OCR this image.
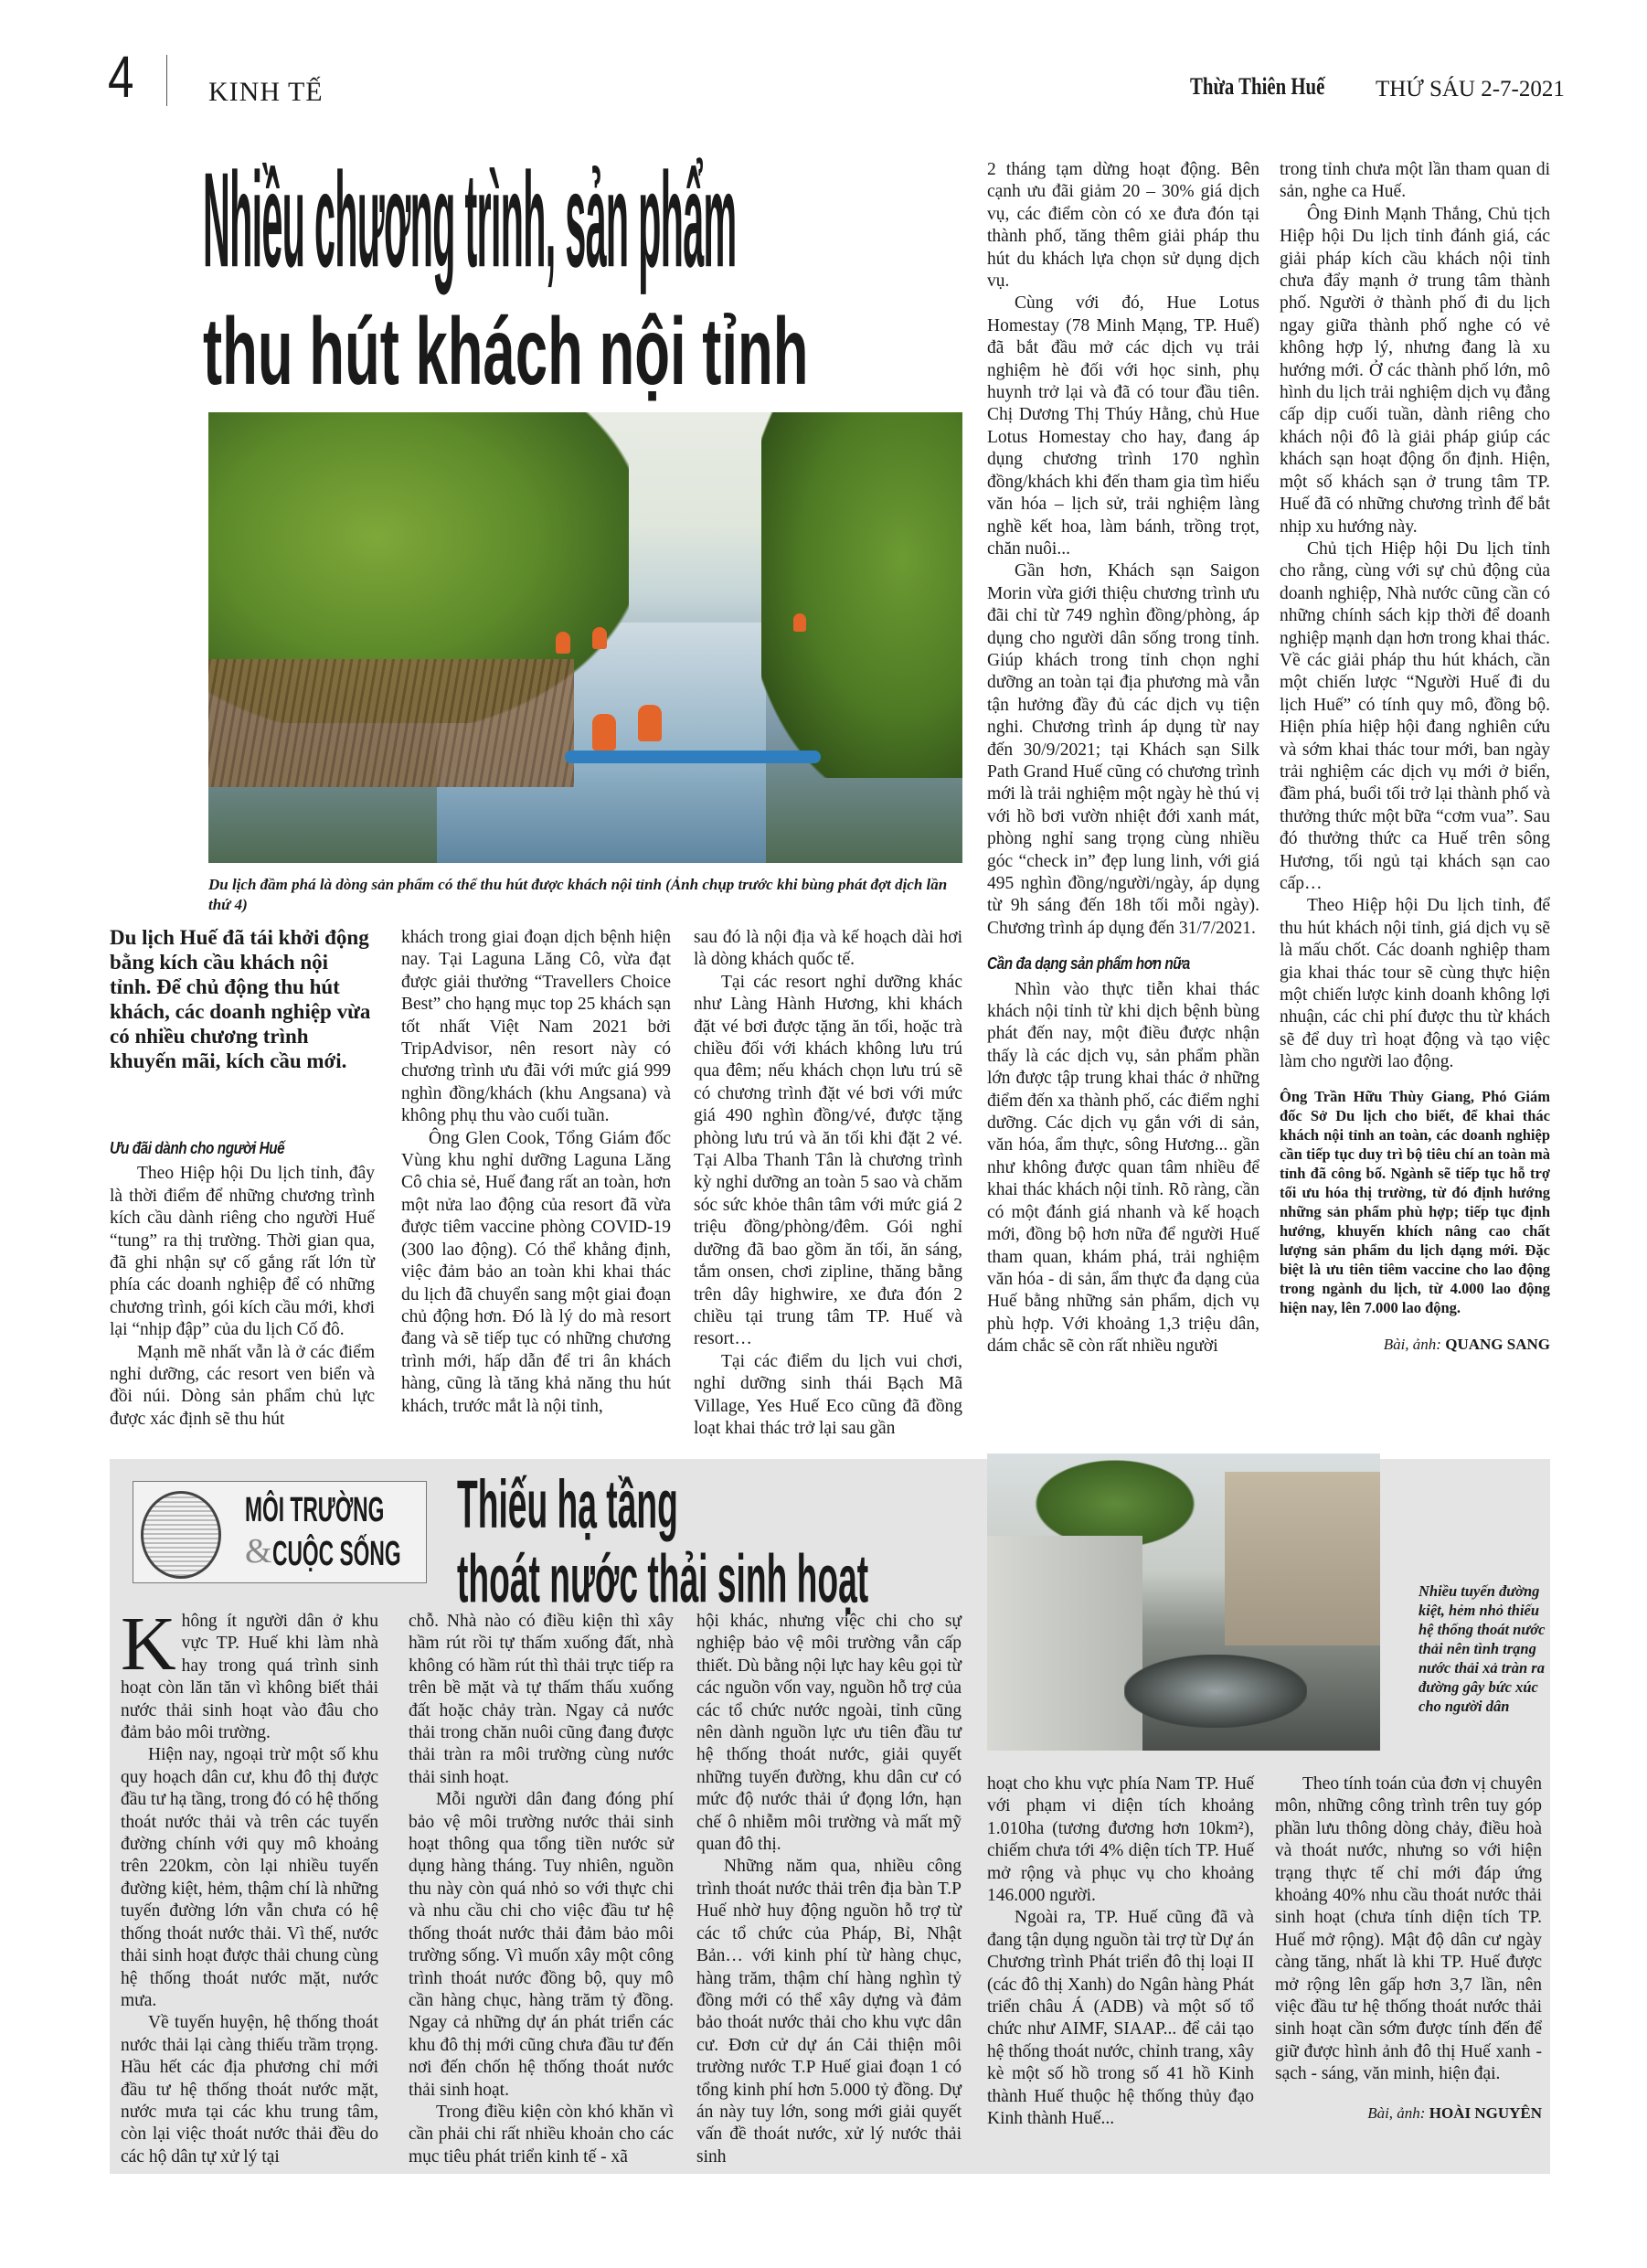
4	KINH TẾ	Thừa Thiên Huế THỨ SÁU 2-7-2021
Nhiều chương trình, sản phẩm
thu hút khách nội tỉnh
Du lịch đầm phá là dòng sản phẩm có thể thu hút được khách nội tỉnh (Ảnh chụp trước khi bùng phát đợt dịch lần thứ 4)
Du lịch Huế đã tái khởi động bằng kích cầu khách nội tỉnh. Để chủ động thu hút khách, các doanh nghiệp vừa có nhiều chương trình khuyến mãi, kích cầu mới.
Ưu đãi dành cho người Huế

Theo Hiệp hội Du lịch tỉnh, đây là thời điểm để những chương trình kích cầu dành riêng cho người Huế “tung” ra thị trường. Thời gian qua, đã ghi nhận sự cố gắng rất lớn từ phía các doanh nghiệp để có những chương trình, gói kích cầu mới, khơi lại “nhịp đập” của du lịch Cố đô.

Mạnh mẽ nhất vẫn là ở các điểm nghỉ dưỡng, các resort ven biển và đồi núi. Dòng sản phẩm chủ lực được xác định sẽ thu hút

khách trong giai đoạn dịch bệnh hiện nay. Tại Laguna Lăng Cô, vừa đạt được giải thưởng “Travellers Choice Best” cho hạng mục top 25 khách sạn tốt nhất Việt Nam 2021 bởi TripAdvisor, nên resort này có chương trình ưu đãi với mức giá 999 nghìn đồng/khách (khu Angsana) và không phụ thu vào cuối tuần.

Ông Glen Cook, Tổng Giám đốc Vùng khu nghỉ dưỡng Laguna Lăng Cô chia sẻ, Huế đang rất an toàn, hơn một nửa lao động của resort đã vừa được tiêm vaccine phòng COVID-19 (300 lao động). Có thể khẳng định, việc đảm bảo an toàn khi khai thác du lịch đã chuyển sang một giai đoạn chủ động hơn. Đó là lý do mà resort đang và sẽ tiếp tục có những chương trình mới, hấp dẫn để tri ân khách hàng, cũng là tăng khả năng thu hút khách, trước mắt là nội tỉnh,

sau đó là nội địa và kế hoạch dài hơi là dòng khách quốc tế.

Tại các resort nghỉ dưỡng khác như Làng Hành Hương, khi khách đặt vé bơi được tặng ăn tối, hoặc trà chiều đối với khách không lưu trú qua đêm; nếu khách chọn lưu trú sẽ có chương trình đặt vé bơi với mức giá 490 nghìn đồng/vé, được tặng phòng lưu trú và ăn tối khi đặt 2 vé. Tại Alba Thanh Tân là chương trình kỳ nghỉ dưỡng an toàn 5 sao và chăm sóc sức khỏe thân tâm với mức giá 2 triệu đồng/phòng/đêm. Gói nghỉ dưỡng đã bao gồm ăn tối, ăn sáng, tắm onsen, chơi zipline, thăng bằng trên dây highwire, xe đưa đón 2 chiều tại trung tâm TP. Huế và resort…

Tại các điểm du lịch vui chơi, nghỉ dưỡng sinh thái Bạch Mã Village, Yes Huế Eco cũng đã đồng loạt khai thác trở lại sau gần

2 tháng tạm dừng hoạt động. Bên cạnh ưu đãi giảm 20 – 30% giá dịch vụ, các điểm còn có xe đưa đón tại thành phố, tăng thêm giải pháp thu hút du khách lựa chọn sử dụng dịch vụ.

Cùng với đó, Hue Lotus Homestay (78 Minh Mạng, TP. Huế) đã bắt đầu mở các dịch vụ trải nghiệm hè đối với học sinh, phụ huynh trở lại và đã có tour đầu tiên. Chị Dương Thị Thúy Hằng, chủ Hue Lotus Homestay cho hay, đang áp dụng chương trình 170 nghìn đồng/khách khi đến tham gia tìm hiểu văn hóa – lịch sử, trải nghiệm làng nghề kết hoa, làm bánh, trồng trọt, chăn nuôi...

Gần hơn, Khách sạn Saigon Morin vừa giới thiệu chương trình ưu đãi chỉ từ 749 nghìn đồng/phòng, áp dụng cho người dân sống trong tỉnh. Giúp khách trong tỉnh chọn nghỉ dưỡng an toàn tại địa phương mà vẫn tận hưởng đầy đủ các dịch vụ tiện nghi. Chương trình áp dụng từ nay đến 30/9/2021; tại Khách sạn Silk Path Grand Huế cũng có chương trình mới là trải nghiệm một ngày hè thú vị với hồ bơi vườn nhiệt đới xanh mát, phòng nghỉ sang trọng cùng nhiều góc “check in” đẹp lung linh, với giá 495 nghìn đồng/người/ngày, áp dụng từ 9h sáng đến 18h tối mỗi ngày). Chương trình áp dụng đến 31/7/2021.

Cần đa dạng sản phẩm hơn nữa

Nhìn vào thực tiễn khai thác khách nội tỉnh từ khi dịch bệnh bùng phát đến nay, một điều được nhận thấy là các dịch vụ, sản phẩm phần lớn được tập trung khai thác ở những điểm đến xa thành phố, các điểm nghỉ dưỡng. Các dịch vụ gắn với di sản, văn hóa, ẩm thực, sông Hương... gần như không được quan tâm nhiều để khai thác khách nội tỉnh. Rõ ràng, cần có một đánh giá nhanh và kế hoạch mới, đồng bộ hơn nữa để người Huế tham quan, khám phá, trải nghiệm văn hóa - di sản, ẩm thực đa dạng của Huế bằng những sản phẩm, dịch vụ phù hợp. Với khoảng 1,3 triệu dân, dám chắc sẽ còn rất nhiều người

trong tỉnh chưa một lần tham quan di sản, nghe ca Huế.

Ông Đinh Mạnh Thắng, Chủ tịch Hiệp hội Du lịch tỉnh đánh giá, các giải pháp kích cầu khách nội tỉnh chưa đẩy mạnh ở trung tâm thành phố. Người ở thành phố đi du lịch ngay giữa thành phố nghe có vẻ không hợp lý, nhưng đang là xu hướng mới. Ở các thành phố lớn, mô hình du lịch trải nghiệm dịch vụ đẳng cấp dịp cuối tuần, dành riêng cho khách nội đô là giải pháp giúp các khách sạn hoạt động ổn định. Hiện, một số khách sạn ở trung tâm TP. Huế đã có những chương trình để bắt nhịp xu hướng này.

Chủ tịch Hiệp hội Du lịch tỉnh cho rằng, cùng với sự chủ động của doanh nghiệp, Nhà nước cũng cần có những chính sách kịp thời để doanh nghiệp mạnh dạn hơn trong khai thác. Về các giải pháp thu hút khách, cần một chiến lược “Người Huế đi du lịch Huế” có tính quy mô, đồng bộ. Hiện phía hiệp hội đang nghiên cứu và sớm khai thác tour mới, ban ngày trải nghiệm các dịch vụ mới ở biển, đầm phá, buổi tối trở lại thành phố và thưởng thức một bữa “cơm vua”. Sau đó thưởng thức ca Huế trên sông Hương, tối ngủ tại khách sạn cao cấp…

Theo Hiệp hội Du lịch tỉnh, để thu hút khách nội tỉnh, giá dịch vụ sẽ là mấu chốt. Các doanh nghiệp tham gia khai thác tour sẽ cùng thực hiện một chiến lược kinh doanh không lợi nhuận, các chi phí được thu từ khách sẽ để duy trì hoạt động và tạo việc làm cho người lao động.

Ông Trần Hữu Thùy Giang, Phó Giám đốc Sở Du lịch cho biết, để khai thác khách nội tỉnh an toàn, các doanh nghiệp cần tiếp tục duy trì bộ tiêu chí an toàn mà tỉnh đã công bố. Ngành sẽ tiếp tục hỗ trợ tối ưu hóa thị trường, từ đó định hướng những sản phẩm phù hợp; tiếp tục định hướng, khuyến khích nâng cao chất lượng sản phẩm du lịch dạng mới. Đặc biệt là ưu tiên tiêm vaccine cho lao động trong ngành du lịch, từ 4.000 lao động hiện nay, lên 7.000 lao động.
Bài, ảnh: QUANG SANG
MÔI TRƯỜNG
& CUỘC SỐNG
Thiếu hạ tầng
thoát nước thải sinh hoạt	Nhiều tuyến đường kiệt, hẻm nhỏ thiếu hệ thống thoát nước thải nên tình trạng nước thải xả tràn ra đường gây bức xúc cho người dân

Không ít người dân ở khu vực TP. Huế khi làm nhà hay trong quá trình sinh hoạt còn lăn tăn vì không biết thải nước thải sinh hoạt vào đâu cho đảm bảo môi trường.

Hiện nay, ngoại trừ một số khu quy hoạch dân cư, khu đô thị được đầu tư hạ tầng, trong đó có hệ thống thoát nước thải và trên các tuyến đường chính với quy mô khoảng trên 220km, còn lại nhiều tuyến đường kiệt, hẻm, thậm chí là những tuyến đường lớn vẫn chưa có hệ thống thoát nước thải. Vì thế, nước thải sinh hoạt được thải chung cùng hệ thống thoát nước mặt, nước mưa.

Về tuyến huyện, hệ thống thoát nước thải lại càng thiếu trầm trọng. Hầu hết các địa phương chỉ mới đầu tư hệ thống thoát nước mặt, nước mưa tại các khu trung tâm, còn lại việc thoát nước thải đều do các hộ dân tự xử lý tại

chỗ. Nhà nào có điều kiện thì xây hầm rút rồi tự thấm xuống đất, nhà không có hầm rút thì thải trực tiếp ra trên bề mặt và tự thấm thấu xuống đất hoặc chảy tràn. Ngay cả nước thải trong chăn nuôi cũng đang được thải tràn ra môi trường cùng nước thải sinh hoạt.

Mỗi người dân đang đóng phí bảo vệ môi trường nước thải sinh hoạt thông qua tổng tiền nước sử dụng hàng tháng. Tuy nhiên, nguồn thu này còn quá nhỏ so với thực chi và nhu cầu chi cho việc đầu tư hệ thống thoát nước thải đảm bảo môi trường sống. Vì muốn xây một công trình thoát nước đồng bộ, quy mô cần hàng chục, hàng trăm tỷ đồng. Ngay cả những dự án phát triển các khu đô thị mới cũng chưa đầu tư đến nơi đến chốn hệ thống thoát nước thải sinh hoạt.

Trong điều kiện còn khó khăn vì cần phải chi rất nhiều khoản cho các mục tiêu phát triển kinh tế - xã

hội khác, nhưng việc chi cho sự nghiệp bảo vệ môi trường vẫn cấp thiết. Dù bằng nội lực hay kêu gọi từ các nguồn vốn vay, nguồn hỗ trợ của các tổ chức nước ngoài, tỉnh cũng nên dành nguồn lực ưu tiên đầu tư hệ thống thoát nước, giải quyết những tuyến đường, khu dân cư có mức độ nước thải ứ đọng lớn, hạn chế ô nhiễm môi trường và mất mỹ quan đô thị.

Những năm qua, nhiều công trình thoát nước thải trên địa bàn T.P Huế nhờ huy động nguồn hỗ trợ từ các tổ chức của Pháp, Bỉ, Nhật Bản… với kinh phí từ hàng chục, hàng trăm, thậm chí hàng nghìn tỷ đồng mới có thể xây dựng và đảm bảo thoát nước thải cho khu vực dân cư. Đơn cử dự án Cải thiện môi trường nước T.P Huế giai đoạn 1 có tổng kinh phí hơn 5.000 tỷ đồng. Dự án này tuy lớn, song mới giải quyết vấn đề thoát nước, xử lý nước thải sinh

hoạt cho khu vực phía Nam TP. Huế với phạm vi diện tích khoảng 1.010ha (tương đương hơn 10km²), chiếm chưa tới 4% diện tích TP. Huế mở rộng và phục vụ cho khoảng 146.000 người.

Ngoài ra, TP. Huế cũng đã và đang tận dụng nguồn tài trợ từ Dự án Chương trình Phát triển đô thị loại II (các đô thị Xanh) do Ngân hàng Phát triển châu Á (ADB) và một số tổ chức như AIMF, SIAAP... để cải tạo hệ thống thoát nước, chỉnh trang, xây kè một số hồ trong số 41 hồ Kinh thành Huế thuộc hệ thống thủy đạo Kinh thành Huế...

Theo tính toán của đơn vị chuyên môn, những công trình trên tuy góp phần lưu thông dòng chảy, điều hoà và thoát nước, nhưng so với hiện trạng thực tế chỉ mới đáp ứng khoảng 40% nhu cầu thoát nước thải sinh hoạt (chưa tính diện tích TP. Huế mở rộng). Mật độ dân cư ngày càng tăng, nhất là khi TP. Huế được mở rộng lên gấp hơn 3,7 lần, nên việc đầu tư hệ thống thoát nước thải sinh hoạt cần sớm được tính đến để giữ được hình ảnh đô thị Huế xanh - sạch - sáng, văn minh, hiện đại.

Bài, ảnh: HOÀI NGUYÊN
